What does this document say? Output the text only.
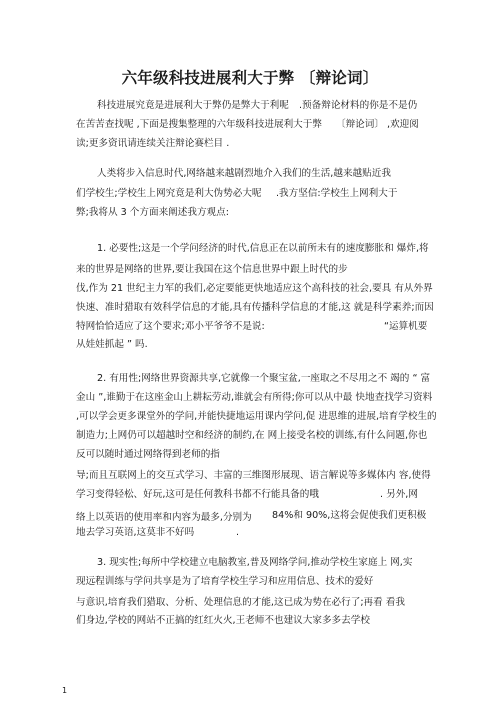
六年级科技进展利大于弊 〔辩论词〕
科技进展究竟是进展利大于弊仍是弊大于利呢 .预备辩论材料的你是不是仍
在苦苦查找呢 ,下面是搜集整理的六年级科技进展利大于弊 〔辩论词〕 ,欢迎阅
读;更多资讯请连续关注辩论赛栏目 .
人类将步入信息时代,网络越来越剧烈地介入我们的生活,越来越贴近我
们学校生;学校生上网究竟是利大伪势必大呢 .我方坚信:学校生上网利大于
弊;我将从 3 个方面来阐述我方观点:
1. 必要性;这是一个学问经济的时代,信息正在以前所未有的速度膨胀和 爆炸,将
来的世界是网络的世界,要让我国在这个信息世界中跟上时代的步
伐,作为 21 世纪主力军的我们,必定要能更快地适应这个高科技的社会,要具 有从外界
快速、准时猎取有效科学信息的才能,具有传播科学信息的才能,这 就是科学素养;而因
特网恰恰适应了这个要求;邓小平爷爷不是说:	“运算机要
从娃娃抓起 ” 吗.
2. 有用性;网络世界资源共享,它就像一个聚宝盆,一座取之不尽用之不 竭的 “ 富
金山 ”,谁勤于在这座金山上耕耘劳动,谁就会有所得;你可以从中最 快地查找学习资料
,可以学会更多课堂外的学问,并能快捷地运用课内学问,促 进思维的进展,培育学校生的
制造力;上网仍可以超越时空和经济的制约,在 网上接受名校的训练,有什么问题,你也
反可以随时通过网络得到老师的指
导;而且互联网上的交互式学习、丰富的三维图形展现、语言解说等多媒体内 容,使得
学习变得轻松、好玩,这可是任何教科书都不行能具备的哦	. 另外,网
络上以英语的使用率和内容为最多,分别为 84%和 90%,这将会促使我们更积极
地去学习英语,这莫非不好吗	.
3. 现实性;每所中学校建立电脑教室,普及网络学问,推动学校生家庭上 网,实
现远程训练与学问共享是为了培育学校生学习和应用信息、技术的爱好
与意识,培育我们猎取、分析、处理信息的才能,这已成为势在必行了;再看 看我
们身边,学校的网站不正搞的红红火火,王老师不也建议大家多多去学校
1
